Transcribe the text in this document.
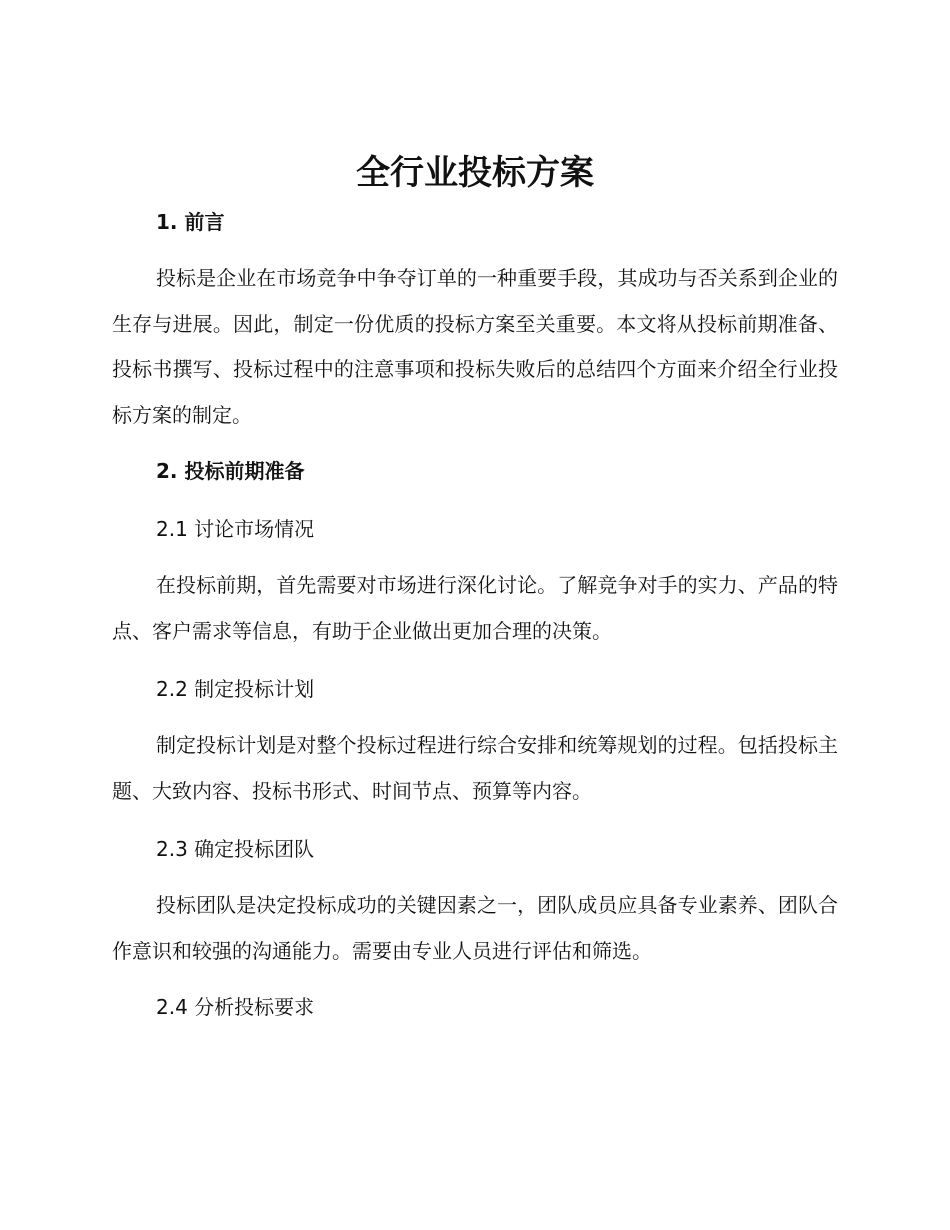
全行业投标方案
1. 前言

投标是企业在市场竞争中争夺订单的一种重要手段，其成功与否关系到企业的生存与进展。因此，制定一份优质的投标方案至关重要。本文将从投标前期准备、投标书撰写、投标过程中的注意事项和投标失败后的总结四个方面来介绍全行业投标方案的制定。

2. 投标前期准备
2.1 讨论市场情况

在投标前期，首先需要对市场进行深化讨论。了解竞争对手的实力、产品的特点、客户需求等信息，有助于企业做出更加合理的决策。

2.2 制定投标计划

制定投标计划是对整个投标过程进行综合安排和统筹规划的过程。包括投标主题、大致内容、投标书形式、时间节点、预算等内容。

2.3 确定投标团队

投标团队是决定投标成功的关键因素之一，团队成员应具备专业素养、团队合作意识和较强的沟通能力。需要由专业人员进行评估和筛选。

2.4 分析投标要求
